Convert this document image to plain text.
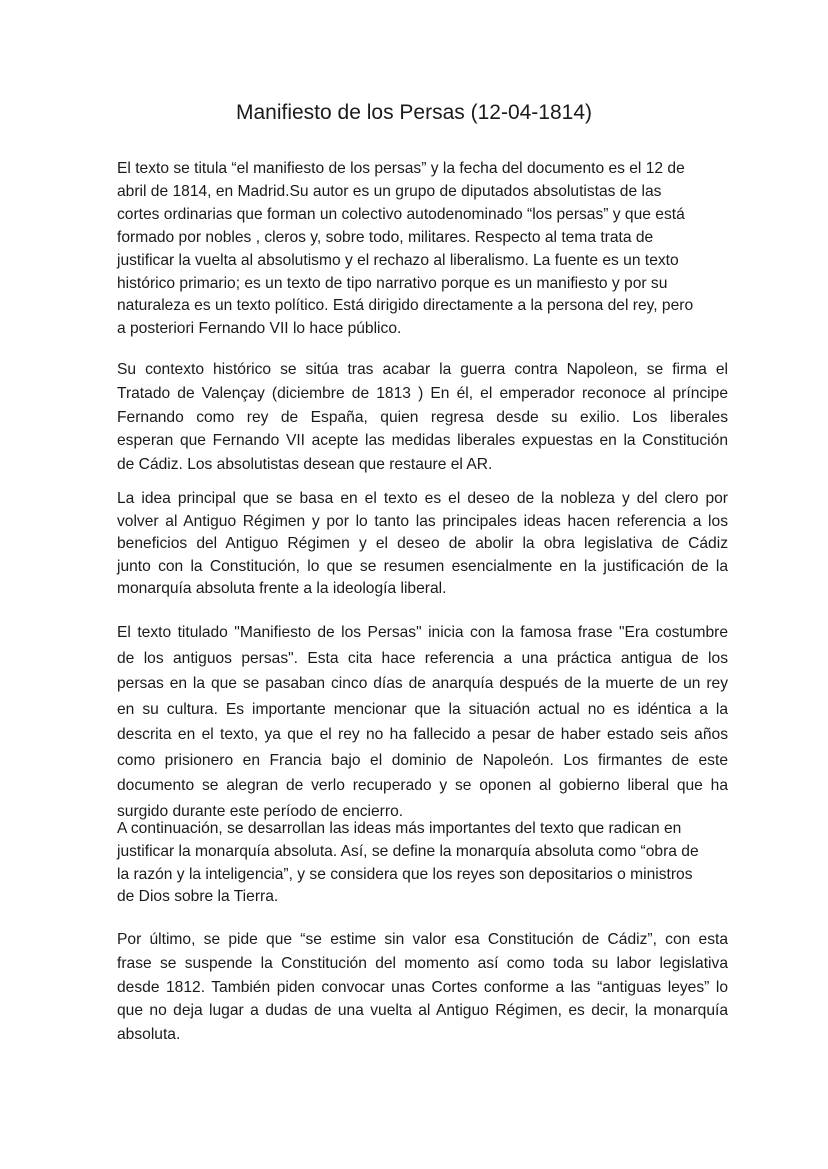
Manifiesto de los Persas (12-04-1814)
El texto se titula “el manifiesto de los persas” y la fecha del documento es el 12 de
abril de 1814, en Madrid.Su autor es un grupo de diputados absolutistas de las
cortes ordinarias que forman un colectivo autodenominado “los persas” y que está
formado por nobles , cleros y, sobre todo, militares. Respecto al tema trata de
justificar la vuelta al absolutismo y el rechazo al liberalismo. La fuente es un texto
histórico primario; es un texto de tipo narrativo porque es un manifiesto y por su
naturaleza es un texto político. Está dirigido directamente a la persona del rey, pero
a posteriori Fernando VII lo hace público.
Su contexto histórico se sitúa tras acabar la guerra contra Napoleon, se firma el
Tratado de Valençay (diciembre de 1813 ) En él, el emperador reconoce al príncipe
Fernando como rey de España, quien regresa desde su exilio. Los liberales
esperan que Fernando VII acepte las medidas liberales expuestas en la Constitución
de Cádiz. Los absolutistas desean que restaure el AR.
La idea principal que se basa en el texto es el deseo de la nobleza y del clero por
volver al Antiguo Régimen y por lo tanto las principales ideas hacen referencia a los
beneficios del Antiguo Régimen y el deseo de abolir la obra legislativa de Cádiz
junto con la Constitución, lo que se resumen esencialmente en la justificación de la
monarquía absoluta frente a la ideología liberal.
El texto titulado "Manifiesto de los Persas" inicia con la famosa frase "Era costumbre
de los antiguos persas". Esta cita hace referencia a una práctica antigua de los
persas en la que se pasaban cinco días de anarquía después de la muerte de un rey
en su cultura. Es importante mencionar que la situación actual no es idéntica a la
descrita en el texto, ya que el rey no ha fallecido a pesar de haber estado seis años
como prisionero en Francia bajo el dominio de Napoleón. Los firmantes de este
documento se alegran de verlo recuperado y se oponen al gobierno liberal que ha
surgido durante este período de encierro.
A continuación, se desarrollan las ideas más importantes del texto que radican en
justificar la monarquía absoluta. Así, se define la monarquía absoluta como “obra de
la razón y la inteligencia”, y se considera que los reyes son depositarios o ministros
de Dios sobre la Tierra.
Por último, se pide que “se estime sin valor esa Constitución de Cádiz”, con esta
frase se suspende la Constitución del momento así como toda su labor legislativa
desde 1812. También piden convocar unas Cortes conforme a las “antiguas leyes” lo
que no deja lugar a dudas de una vuelta al Antiguo Régimen, es decir, la monarquía
absoluta.
